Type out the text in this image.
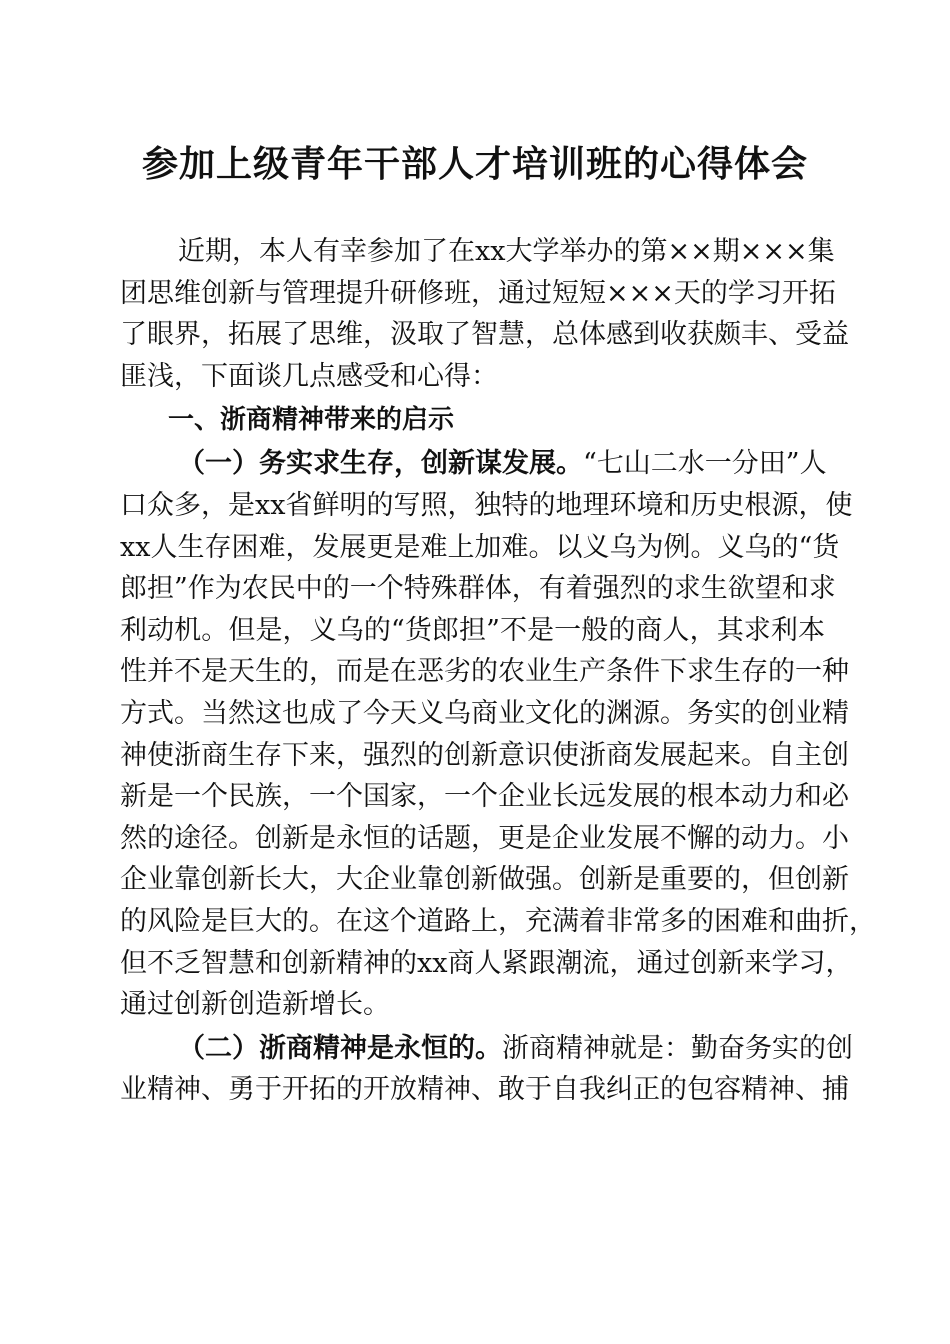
参加上级青年干部人才培训班的心得体会
近期，本人有幸参加了在xx大学举办的第××期×××集
团思维创新与管理提升研修班，通过短短×××天的学习开拓
了眼界，拓展了思维，汲取了智慧，总体感到收获颇丰、受益
匪浅，下面谈几点感受和心得：
一、浙商精神带来的启示
（一）务实求生存，创新谋发展。“七山二水一分田”人
口众多，是xx省鲜明的写照，独特的地理环境和历史根源，使
xx人生存困难，发展更是难上加难。以义乌为例。义乌的“货
郎担”作为农民中的一个特殊群体，有着强烈的求生欲望和求
利动机。但是，义乌的“货郎担”不是一般的商人，其求利本
性并不是天生的，而是在恶劣的农业生产条件下求生存的一种
方式。当然这也成了今天义乌商业文化的渊源。务实的创业精
神使浙商生存下来，强烈的创新意识使浙商发展起来。自主创
新是一个民族，一个国家，一个企业长远发展的根本动力和必
然的途径。创新是永恒的话题，更是企业发展不懈的动力。小
企业靠创新长大，大企业靠创新做强。创新是重要的，但创新
的风险是巨大的。在这个道路上，充满着非常多的困难和曲折，
但不乏智慧和创新精神的xx商人紧跟潮流，通过创新来学习，
通过创新创造新增长。
（二）浙商精神是永恒的。浙商精神就是：勤奋务实的创
业精神、勇于开拓的开放精神、敢于自我纠正的包容精神、捕
